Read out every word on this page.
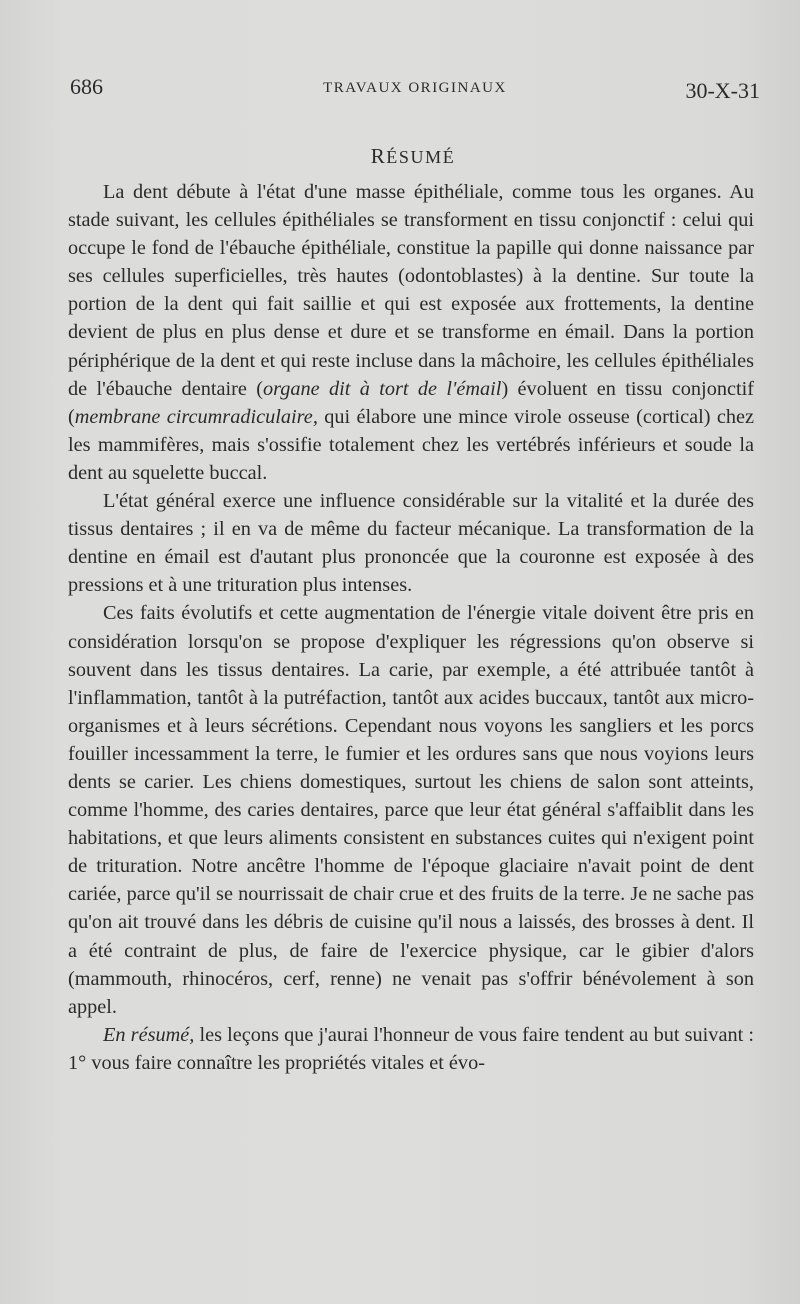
686	TRAVAUX ORIGINAUX	30-X-31
RÉSUMÉ

La dent débute à l'état d'une masse épithéliale, comme tous les organes. Au stade suivant, les cellules épithéliales se transforment en tissu conjonctif : celui qui occupe le fond de l'ébauche épithéliale, constitue la papille qui donne naissance par ses cellules superficielles, très hautes (odontoblastes) à la dentine. Sur toute la portion de la dent qui fait saillie et qui est exposée aux frottements, la dentine devient de plus en plus dense et dure et se transforme en émail. Dans la portion périphérique de la dent et qui reste incluse dans la mâchoire, les cellules épithéliales de l'ébauche dentaire (organe dit à tort de l'émail) évoluent en tissu conjonctif (membrane circumradiculaire, qui élabore une mince virole osseuse (cortical) chez les mammifères, mais s'ossifie totalement chez les vertébrés inférieurs et soude la dent au squelette buccal.

L'état général exerce une influence considérable sur la vitalité et la durée des tissus dentaires ; il en va de même du facteur mécanique. La transformation de la dentine en émail est d'autant plus prononcée que la couronne est exposée à des pressions et à une trituration plus intenses.

Ces faits évolutifs et cette augmentation de l'énergie vitale doivent être pris en considération lorsqu'on se propose d'expliquer les régressions qu'on observe si souvent dans les tissus dentaires. La carie, par exemple, a été attribuée tantôt à l'inflammation, tantôt à la putréfaction, tantôt aux acides buccaux, tantôt aux micro-organismes et à leurs sécrétions. Cependant nous voyons les sangliers et les porcs fouiller incessamment la terre, le fumier et les ordures sans que nous voyions leurs dents se carier. Les chiens domestiques, surtout les chiens de salon sont atteints, comme l'homme, des caries dentaires, parce que leur état général s'affaiblit dans les habitations, et que leurs aliments consistent en substances cuites qui n'exigent point de trituration. Notre ancêtre l'homme de l'époque glaciaire n'avait point de dent cariée, parce qu'il se nourrissait de chair crue et des fruits de la terre. Je ne sache pas qu'on ait trouvé dans les débris de cuisine qu'il nous a laissés, des brosses à dent. Il a été contraint de plus, de faire de l'exercice physique, car le gibier d'alors (mammouth, rhinocéros, cerf, renne) ne venait pas s'offrir bénévolement à son appel.

En résumé, les leçons que j'aurai l'honneur de vous faire tendent au but suivant : 1° vous faire connaître les propriétés vitales et évo-
